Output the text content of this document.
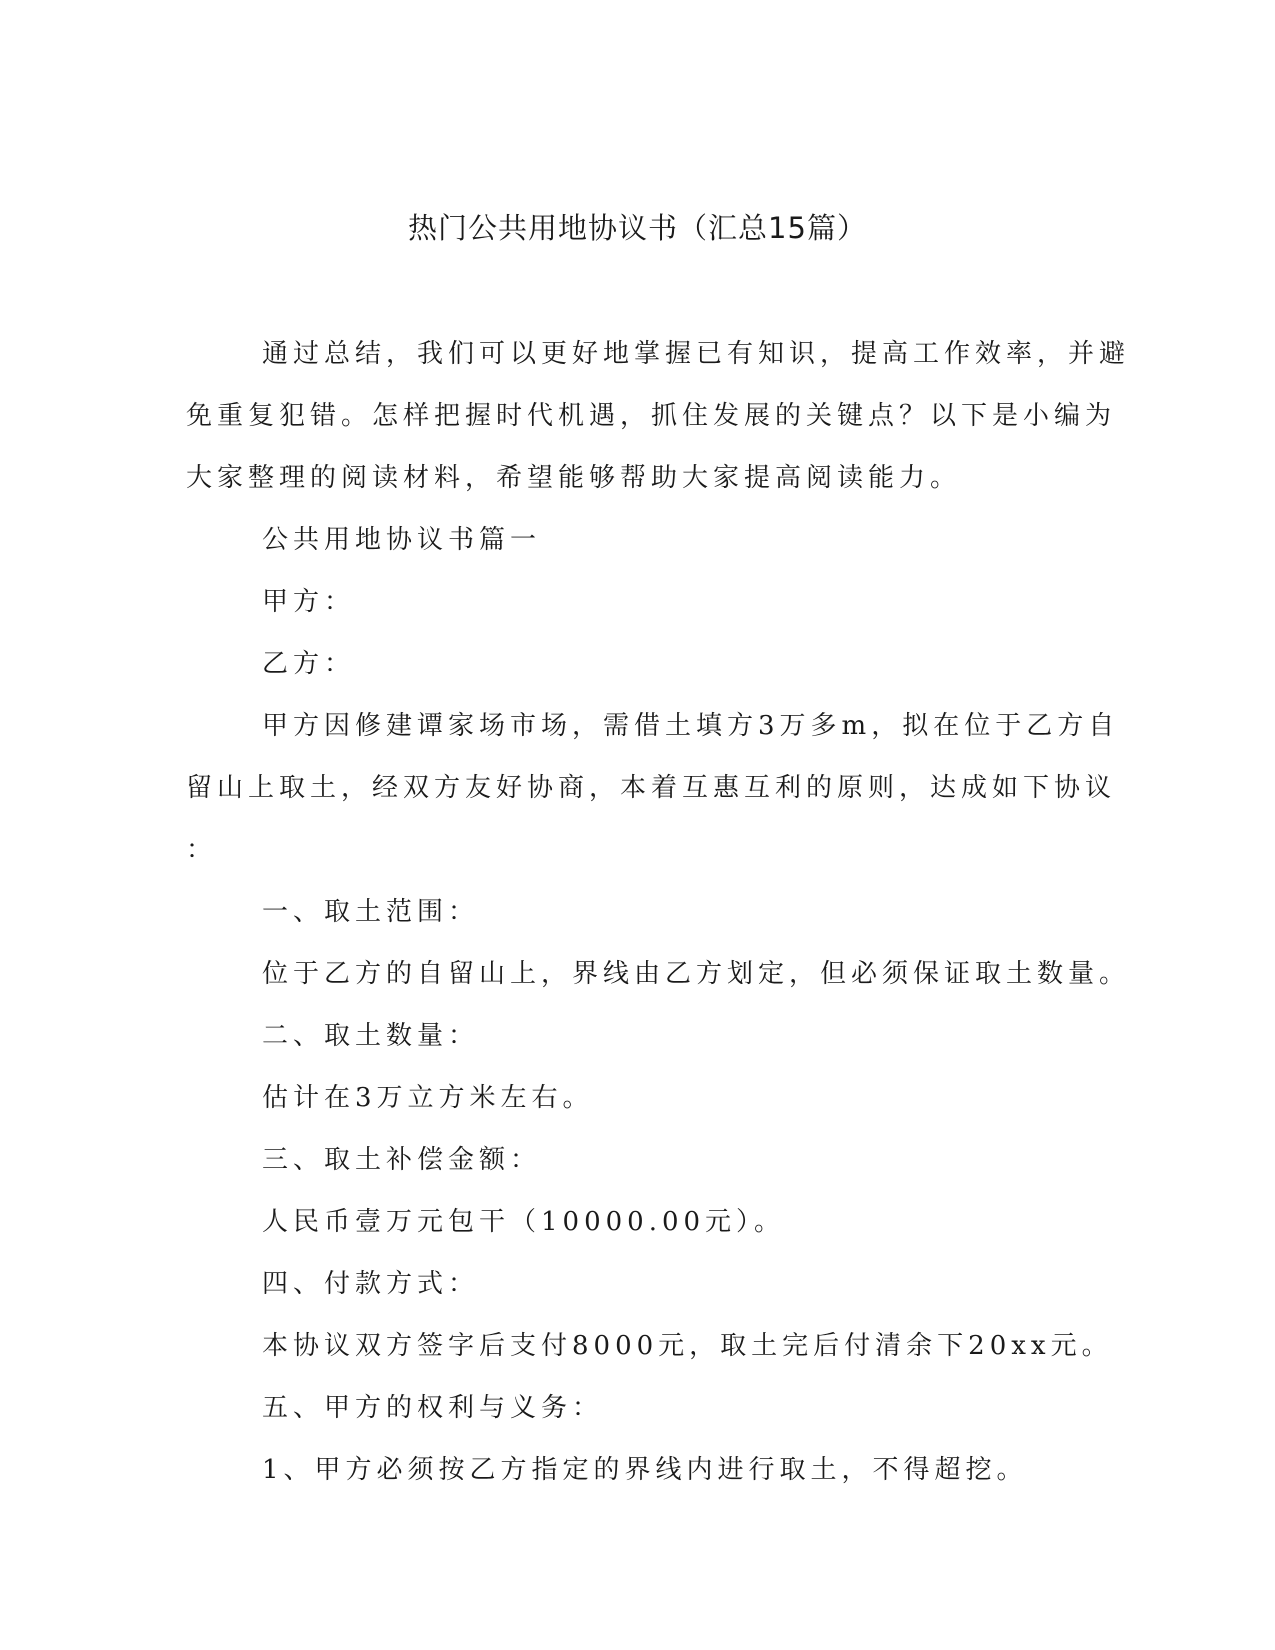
热门公共用地协议书（汇总15篇）
通过总结，我们可以更好地掌握已有知识，提高工作效率，并避
免重复犯错。怎样把握时代机遇，抓住发展的关键点？以下是小编为
大家整理的阅读材料，希望能够帮助大家提高阅读能力。
公共用地协议书篇一
甲方：
乙方：
甲方因修建谭家场市场，需借土填方3万多m，拟在位于乙方自
留山上取土，经双方友好协商，本着互惠互利的原则，达成如下协议
：
一、取土范围：
位于乙方的自留山上，界线由乙方划定，但必须保证取土数量。
二、取土数量：
估计在3万立方米左右。
三、取土补偿金额：
人民币壹万元包干（10000.00元）。
四、付款方式：
本协议双方签字后支付8000元，取土完后付清余下20xx元。
五、甲方的权利与义务：
1、甲方必须按乙方指定的界线内进行取土，不得超挖。
